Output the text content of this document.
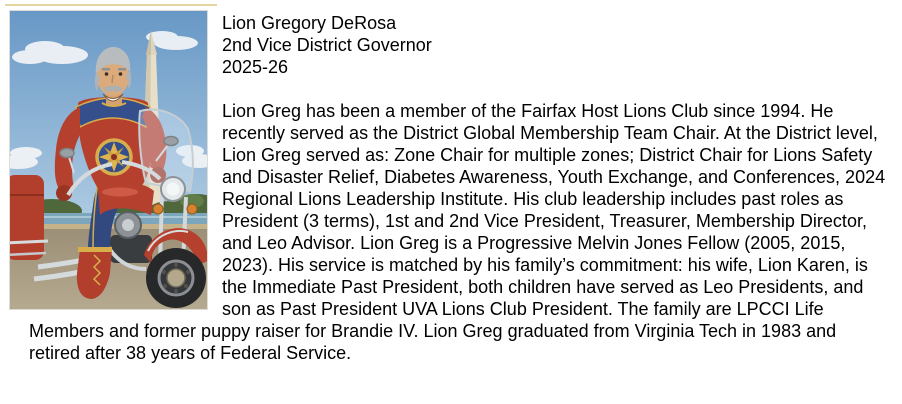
Lion Gregory DeRosa
2nd Vice District Governor
2025-26

Lion Greg has been a member of the Fairfax Host Lions Club since 1994. He recently served as the District Global Membership Team Chair. At the District level, Lion Greg served as: Zone Chair for multiple zones; District Chair for Lions Safety and Disaster Relief, Diabetes Awareness, Youth Exchange, and Conferences, 2024 Regional Lions Leadership Institute. His club leadership includes past roles as President (3 terms), 1st and 2nd Vice President, Treasurer, Membership Director, and Leo Advisor. Lion Greg is a Progressive Melvin Jones Fellow (2005, 2015, 2023). His service is matched by his family’s commitment: his wife, Lion Karen, is the Immediate Past President, both children have served as Leo Presidents, and son as Past President UVA Lions Club President. The family are LPCCI Life Members and former puppy raiser for Brandie IV. Lion Greg graduated from Virginia Tech in 1983 and retired after 38 years of Federal Service.
